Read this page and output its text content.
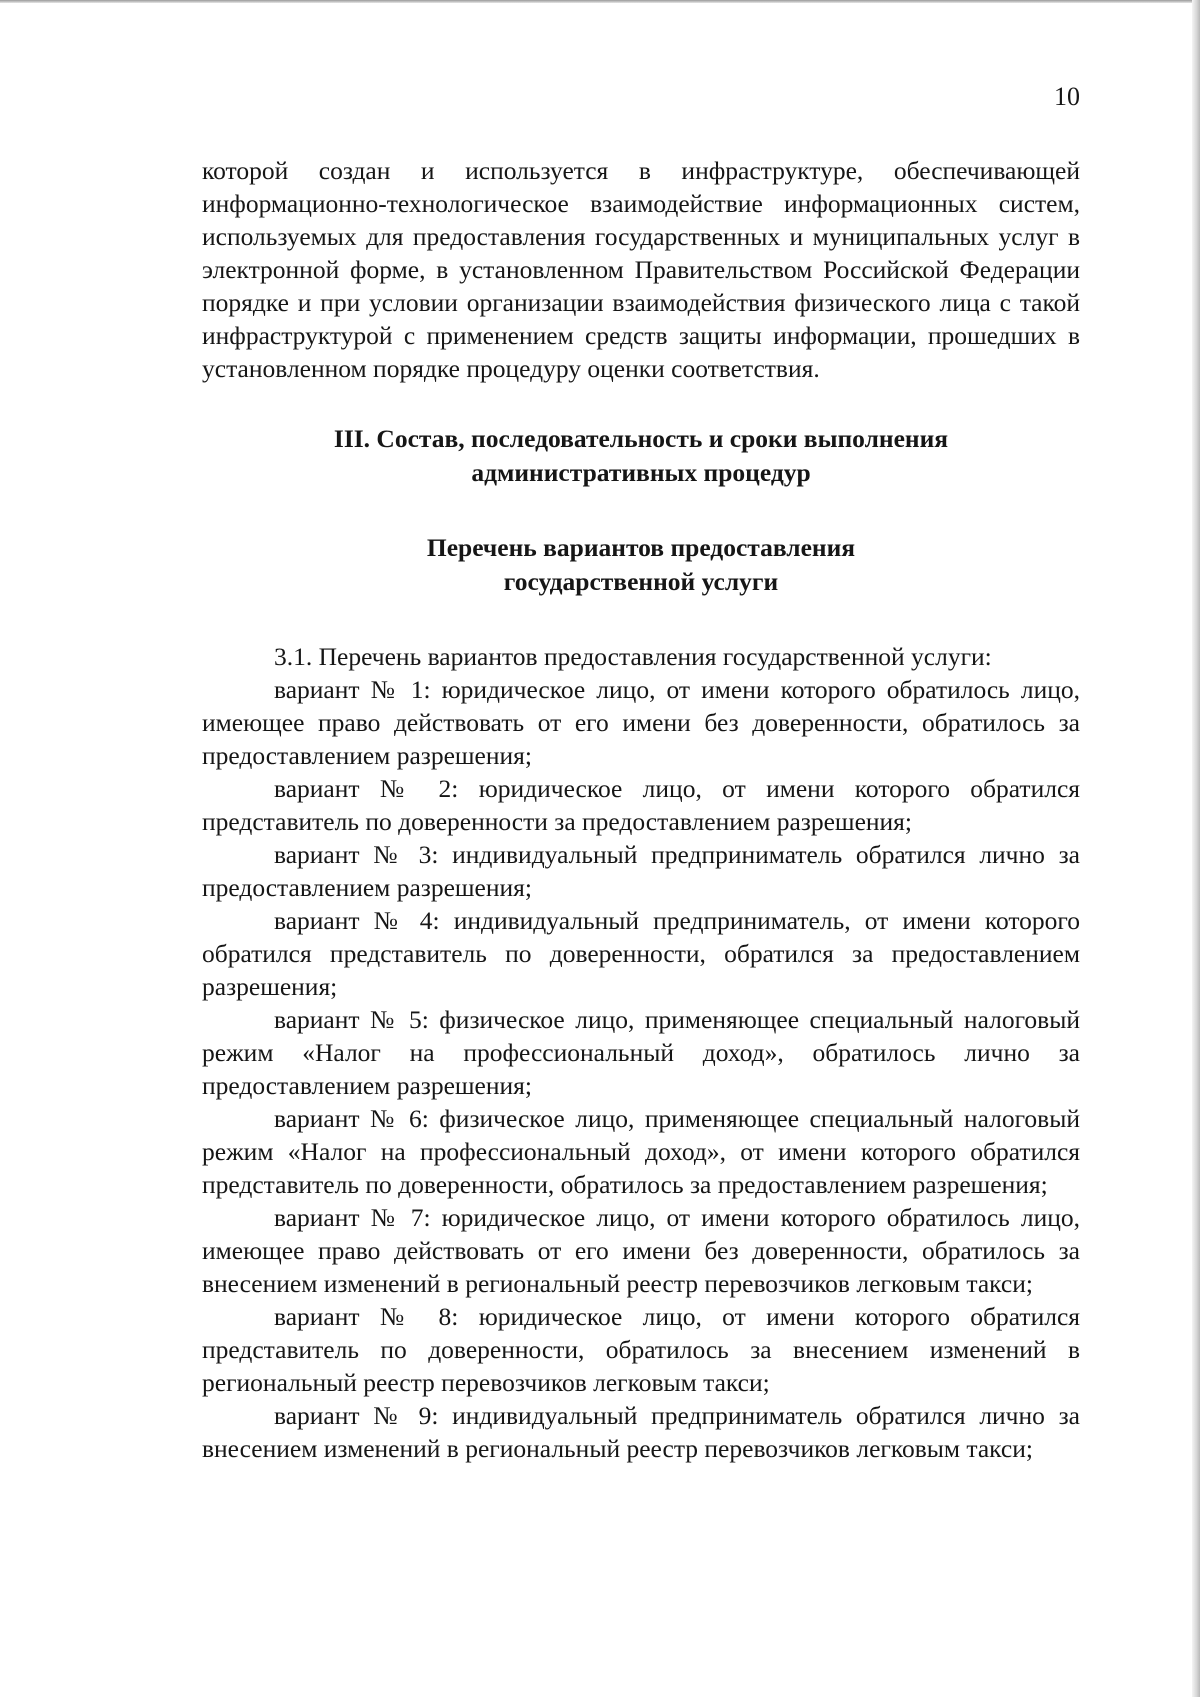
10

которой создан и используется в инфраструктуре, обеспечивающей информационно-технологическое взаимодействие информационных систем, используемых для предоставления государственных и муниципальных услуг в электронной форме, в установленном Правительством Российской Федерации порядке и при условии организации взаимодействия физического лица с такой инфраструктурой с применением средств защиты информации, прошедших в установленном порядке процедуру оценки соответствия.

III. Состав, последовательность и сроки выполнения
административных процедур
Перечень вариантов предоставления
государственной услуги

3.1. Перечень вариантов предоставления государственной услуги:

вариант № 1: юридическое лицо, от имени которого обратилось лицо, имеющее право действовать от его имени без доверенности, обратилось за предоставлением разрешения;

вариант № 2: юридическое лицо, от имени которого обратился представитель по доверенности за предоставлением разрешения;

вариант № 3: индивидуальный предприниматель обратился лично за предоставлением разрешения;

вариант № 4: индивидуальный предприниматель, от имени которого обратился представитель по доверенности, обратился за предоставлением разрешения;

вариант № 5: физическое лицо, применяющее специальный налоговый режим «Налог на профессиональный доход», обратилось лично за предоставлением разрешения;

вариант № 6: физическое лицо, применяющее специальный налоговый режим «Налог на профессиональный доход», от имени которого обратился представитель по доверенности, обратилось за предоставлением разрешения;

вариант № 7: юридическое лицо, от имени которого обратилось лицо, имеющее право действовать от его имени без доверенности, обратилось за внесением изменений в региональный реестр перевозчиков легковым такси;

вариант № 8: юридическое лицо, от имени которого обратился представитель по доверенности, обратилось за внесением изменений в региональный реестр перевозчиков легковым такси;

вариант № 9: индивидуальный предприниматель обратился лично за внесением изменений в региональный реестр перевозчиков легковым такси;
